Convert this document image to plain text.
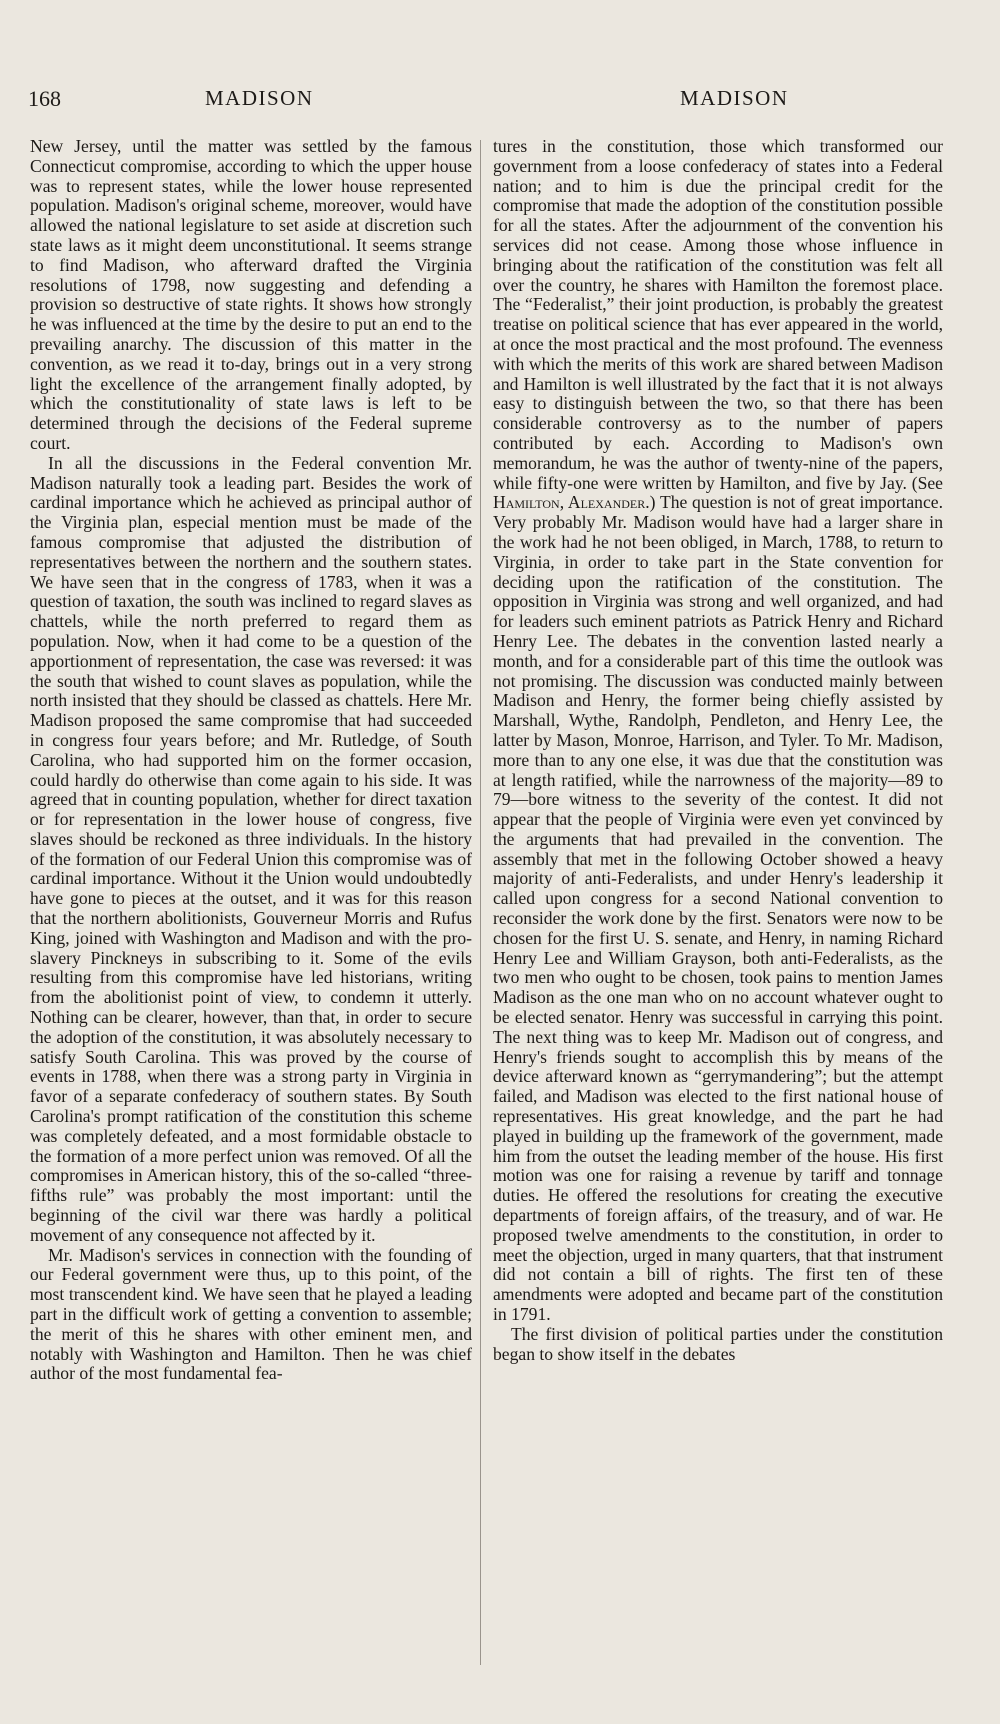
168	MADISON	MADISON

New Jersey, until the matter was settled by the famous Connecticut compromise, according to which the upper house was to represent states, while the lower house represented population. Madison's original scheme, moreover, would have allowed the national legislature to set aside at discretion such state laws as it might deem unconstitutional. It seems strange to find Madison, who afterward drafted the Virginia resolutions of 1798, now suggesting and defending a provision so destructive of state rights. It shows how strongly he was influenced at the time by the desire to put an end to the prevailing anarchy. The discussion of this matter in the convention, as we read it to-day, brings out in a very strong light the excellence of the arrangement finally adopted, by which the constitutionality of state laws is left to be determined through the decisions of the Federal supreme court.

In all the discussions in the Federal convention Mr. Madison naturally took a leading part. Besides the work of cardinal importance which he achieved as principal author of the Virginia plan, especial mention must be made of the famous compromise that adjusted the distribution of representatives between the northern and the southern states. We have seen that in the congress of 1783, when it was a question of taxation, the south was inclined to regard slaves as chattels, while the north preferred to regard them as population. Now, when it had come to be a question of the apportionment of representation, the case was reversed: it was the south that wished to count slaves as population, while the north insisted that they should be classed as chattels. Here Mr. Madison proposed the same compromise that had succeeded in congress four years before; and Mr. Rutledge, of South Carolina, who had supported him on the former occasion, could hardly do otherwise than come again to his side. It was agreed that in counting population, whether for direct taxation or for representation in the lower house of congress, five slaves should be reckoned as three individuals. In the history of the formation of our Federal Union this compromise was of cardinal importance. Without it the Union would undoubtedly have gone to pieces at the outset, and it was for this reason that the northern abolitionists, Gouverneur Morris and Rufus King, joined with Washington and Madison and with the pro-slavery Pinckneys in subscribing to it. Some of the evils resulting from this compromise have led historians, writing from the abolitionist point of view, to condemn it utterly. Nothing can be clearer, however, than that, in order to secure the adoption of the constitution, it was absolutely necessary to satisfy South Carolina. This was proved by the course of events in 1788, when there was a strong party in Virginia in favor of a separate confederacy of southern states. By South Carolina's prompt ratification of the constitution this scheme was completely defeated, and a most formidable obstacle to the formation of a more perfect union was removed. Of all the compromises in American history, this of the so-called “three-fifths rule” was probably the most important: until the beginning of the civil war there was hardly a political movement of any consequence not affected by it.

Mr. Madison's services in connection with the founding of our Federal government were thus, up to this point, of the most transcendent kind. We have seen that he played a leading part in the difficult work of getting a convention to assemble; the merit of this he shares with other eminent men, and notably with Washington and Hamilton. Then he was chief author of the most fundamental fea-

tures in the constitution, those which transformed our government from a loose confederacy of states into a Federal nation; and to him is due the principal credit for the compromise that made the adoption of the constitution possible for all the states. After the adjournment of the convention his services did not cease. Among those whose influence in bringing about the ratification of the constitution was felt all over the country, he shares with Hamilton the foremost place. The “Federalist,” their joint production, is probably the greatest treatise on political science that has ever appeared in the world, at once the most practical and the most profound. The evenness with which the merits of this work are shared between Madison and Hamilton is well illustrated by the fact that it is not always easy to distinguish between the two, so that there has been considerable controversy as to the number of papers contributed by each. According to Madison's own memorandum, he was the author of twenty-nine of the papers, while fifty-one were written by Hamilton, and five by Jay. (See Hamilton, Alexander.) The question is not of great importance. Very probably Mr. Madison would have had a larger share in the work had he not been obliged, in March, 1788, to return to Virginia, in order to take part in the State convention for deciding upon the ratification of the constitution. The opposition in Virginia was strong and well organized, and had for leaders such eminent patriots as Patrick Henry and Richard Henry Lee. The debates in the convention lasted nearly a month, and for a considerable part of this time the outlook was not promising. The discussion was conducted mainly between Madison and Henry, the former being chiefly assisted by Marshall, Wythe, Randolph, Pendleton, and Henry Lee, the latter by Mason, Monroe, Harrison, and Tyler. To Mr. Madison, more than to any one else, it was due that the constitution was at length ratified, while the narrowness of the majority—89 to 79—bore witness to the severity of the contest. It did not appear that the people of Virginia were even yet convinced by the arguments that had prevailed in the convention. The assembly that met in the following October showed a heavy majority of anti-Federalists, and under Henry's leadership it called upon congress for a second National convention to reconsider the work done by the first. Senators were now to be chosen for the first U. S. senate, and Henry, in naming Richard Henry Lee and William Grayson, both anti-Federalists, as the two men who ought to be chosen, took pains to mention James Madison as the one man who on no account whatever ought to be elected senator. Henry was successful in carrying this point. The next thing was to keep Mr. Madison out of congress, and Henry's friends sought to accomplish this by means of the device afterward known as “gerrymandering”; but the attempt failed, and Madison was elected to the first national house of representatives. His great knowledge, and the part he had played in building up the framework of the government, made him from the outset the leading member of the house. His first motion was one for raising a revenue by tariff and tonnage duties. He offered the resolutions for creating the executive departments of foreign affairs, of the treasury, and of war. He proposed twelve amendments to the constitution, in order to meet the objection, urged in many quarters, that that instrument did not contain a bill of rights. The first ten of these amendments were adopted and became part of the constitution in 1791.

The first division of political parties under the constitution began to show itself in the debates
